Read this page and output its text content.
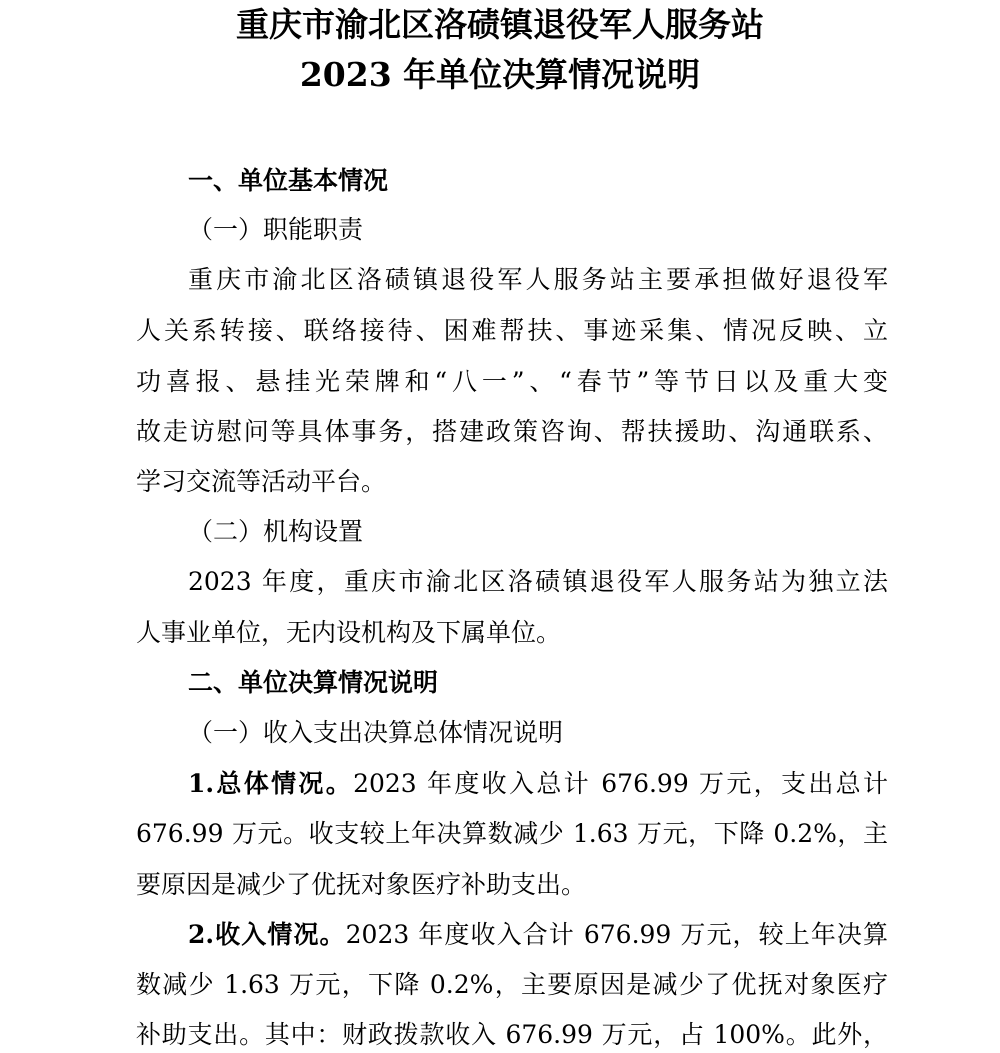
重庆市渝北区洛碛镇退役军人服务站
2023 年单位决算情况说明
一、单位基本情况
（一）职能职责
重庆市渝北区洛碛镇退役军人服务站主要承担做好退役军
人关系转接、联络接待、困难帮扶、事迹采集、情况反映、立
功喜报、悬挂光荣牌和“八一”、“春节”等节日以及重大变
故走访慰问等具体事务，搭建政策咨询、帮扶援助、沟通联系、
学习交流等活动平台。
（二）机构设置
2023 年度，重庆市渝北区洛碛镇退役军人服务站为独立法
人事业单位，无内设机构及下属单位。
二、单位决算情况说明
（一）收入支出决算总体情况说明
1.总体情况。2023 年度收入总计 676.99 万元，支出总计
676.99 万元。收支较上年决算数减少 1.63 万元，下降 0.2%，主
要原因是减少了优抚对象医疗补助支出。
2.收入情况。2023 年度收入合计 676.99 万元，较上年决算
数减少 1.63 万元，下降 0.2%，主要原因是减少了优抚对象医疗
补助支出。其中：财政拨款收入 676.99 万元，占 100%。此外，
